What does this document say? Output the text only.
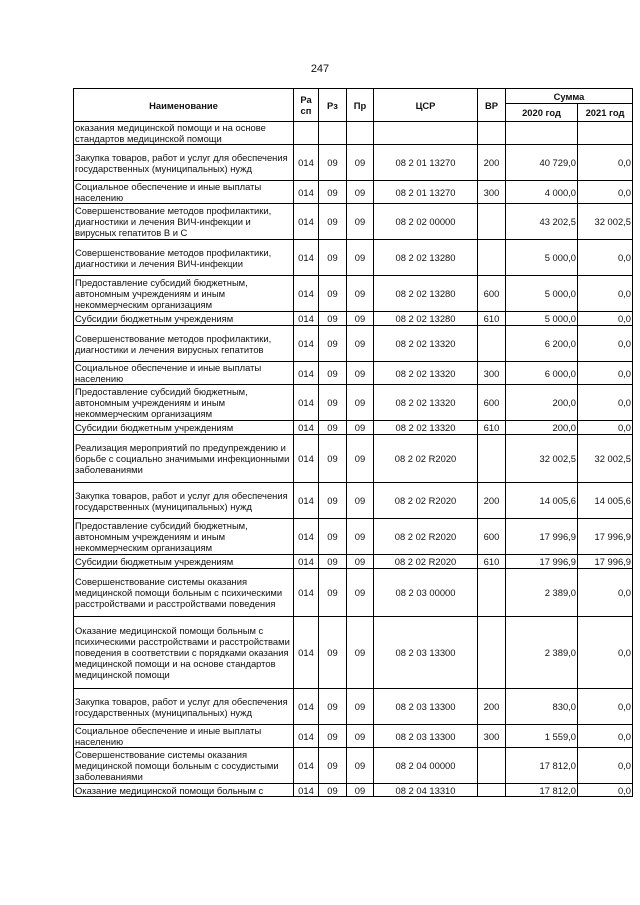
247
Наименование	Ра сп	Рз	Пр	ЦСР	ВР	Сумма	
						2020 год	2021 год
оказания медицинской помощи и на основе стандартов медицинской помощи							
Закупка товаров, работ и услуг для обеспечения государственных (муниципальных) нужд	014	09	09	08 2 01 13270	200	40 729,0	0,0
Социальное обеспечение и иные выплаты населению	014	09	09	08 2 01 13270	300	4 000,0	0,0
Совершенствование методов профилактики, диагностики и лечения ВИЧ-инфекции и вирусных гепатитов В и С	014	09	09	08 2 02 00000		43 202,5	32 002,5
Совершенствование методов профилактики, диагностики и лечения ВИЧ-инфекции	014	09	09	08 2 02 13280		5 000,0	0,0
Предоставление субсидий бюджетным, автономным учреждениям и иным некоммерческим организациям	014	09	09	08 2 02 13280	600	5 000,0	0,0
Субсидии бюджетным учреждениям	014	09	09	08 2 02 13280	610	5 000,0	0,0
Совершенствование методов профилактики, диагностики и лечения вирусных гепатитов	014	09	09	08 2 02 13320		6 200,0	0,0
Социальное обеспечение и иные выплаты населению	014	09	09	08 2 02 13320	300	6 000,0	0,0
Предоставление субсидий бюджетным, автономным учреждениям и иным некоммерческим организациям	014	09	09	08 2 02 13320	600	200,0	0,0
Субсидии бюджетным учреждениям	014	09	09	08 2 02 13320	610	200,0	0,0
Реализация мероприятий по предупреждению и борьбе с социально значимыми инфекционными заболеваниями	014	09	09	08 2 02 R2020		32 002,5	32 002,5
Закупка товаров, работ и услуг для обеспечения государственных (муниципальных) нужд	014	09	09	08 2 02 R2020	200	14 005,6	14 005,6
Предоставление субсидий бюджетным, автономным учреждениям и иным некоммерческим организациям	014	09	09	08 2 02 R2020	600	17 996,9	17 996,9
Субсидии бюджетным учреждениям	014	09	09	08 2 02 R2020	610	17 996,9	17 996,9
Совершенствование системы оказания медицинской помощи больным с психическими расстройствами и расстройствами поведения	014	09	09	08 2 03 00000		2 389,0	0,0
Оказание медицинской помощи больным с психическими расстройствами и расстройствами поведения в соответствии с порядками оказания медицинской помощи и на основе стандартов медицинской помощи	014	09	09	08 2 03 13300		2 389,0	0,0
Закупка товаров, работ и услуг для обеспечения государственных (муниципальных) нужд	014	09	09	08 2 03 13300	200	830,0	0,0
Социальное обеспечение и иные выплаты населению	014	09	09	08 2 03 13300	300	1 559,0	0,0
Совершенствование системы оказания медицинской помощи больным с сосудистыми заболеваниями	014	09	09	08 2 04 00000		17 812,0	0,0
Оказание медицинской помощи больным с	014	09	09	08 2 04 13310		17 812,0	0,0
